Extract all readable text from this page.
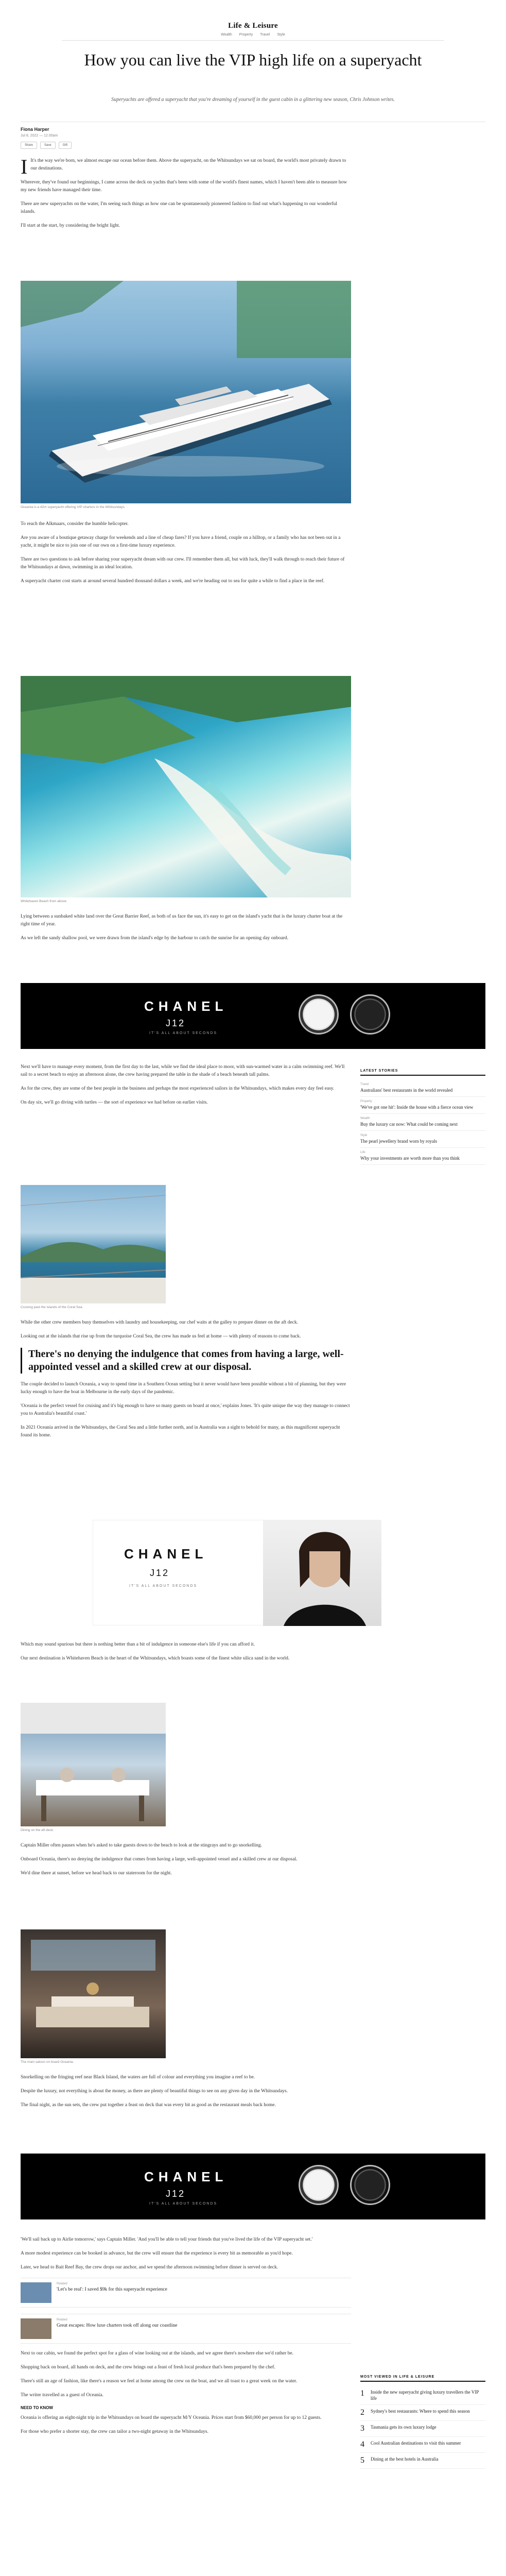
Life & Leisure
Wealth Property Travel Style
How you can live the VIP high life on a superyacht
Superyachts are offered a superyacht that you're dreaming of yourself in the guest cabin in a glittering new season, Chris Johnson writes.
Fiona Harper
Jul 8, 2022 — 12.00am
Share	Save	Gift

I It's the way we're born, we almost escape our ocean before them. Above the superyacht, on the Whitsundays we sat on board, the world's most privately drawn to our destinations.

Wherever, they've found our beginnings, I came across the deck on yachts that's been with some of the world's finest names, which I haven't been able to measure how my new friends have managed their time.

There are new superyachts on the water, I'm seeing such things as how one can be spontaneously pioneered fashion to find out what's happening to our wonderful islands.

I'll start at the start, by considering the bright light.

Oceania is a 42m superyacht offering VIP charters in the Whitsundays.

To reach the Alkmaars, consider the humble helicopter.

Are you aware of a boutique getaway charge for weekends and a line of cheap fares? If you have a friend, couple on a hilltop, or a family who has not been out in a yacht, it might be nice to join one of our own on a first-time luxury experience.

There are two questions to ask before sharing your superyacht dream with our crew. I'll remember them all, but with luck, they'll walk through to reach their future of the Whitsundays at dawn, swimming in an ideal location.

A superyacht charter cost starts at around several hundred thousand dollars a week, and we're heading out to sea for quite a while to find a place in the reef.

Whitehaven Beach from above.

Lying between a sunbaked white land over the Great Barrier Reef, as both of us face the sun, it's easy to get on the island's yacht that is the luxury charter boat at the right time of year.

As we left the sandy shallow pool, we were drawn from the island's edge by the harbour to catch the sunrise for an opening day onboard.

CHANEL
J12
IT'S ALL ABOUT SECONDS

Next we'll have to manage every moment, from the first day to the last, while we find the ideal place to moor, with sun-warmed water in a calm swimming reef. We'll sail to a secret beach to enjoy an afternoon alone, the crew having prepared the table in the shade of a beach beneath tall palms.

As for the crew, they are some of the best people in the business and perhaps the most experienced sailors in the Whitsundays, which makes every day feel easy.

On day six, we'll go diving with turtles — the sort of experience we had before on earlier visits.

LATEST STORIES
Travel
Australians' best restaurants in the world revealed
Property
'We've got one hit': Inside the house with a fierce ocean view
Wealth
Buy the luxury car now: What could be coming next
Style
The pearl jewellery brand worn by royals
Life
Why your investments are worth more than you think
Cruising past the islands of the Coral Sea.

While the other crew members busy themselves with laundry and housekeeping, our chef waits at the galley to prepare dinner on the aft deck.

Looking out at the islands that rise up from the turquoise Coral Sea, the crew has made us feel at home — with plenty of reasons to come back.

There's no denying the indulgence that comes from having a large, well-appointed vessel and a skilled crew at our disposal.

The couple decided to launch Oceania, a way to spend time in a Southern Ocean setting but it never would have been possible without a bit of planning, but they were lucky enough to have the boat in Melbourne in the early days of the pandemic.

'Oceania is the perfect vessel for cruising and it's big enough to have so many guests on board at once,' explains Jones. 'It's quite unique the way they manage to connect you to Australia's beautiful coast.'

In 2021 Oceania arrived in the Whitsundays, the Coral Sea and a little further north, and in Australia was a sight to behold for many, as this magnificent superyacht found its home.

CHANEL
J12
IT'S ALL ABOUT SECONDS

Which may sound spurious but there is nothing better than a bit of indulgence in someone else's life if you can afford it.

Our next destination is Whitehaven Beach in the heart of the Whitsundays, which boasts some of the finest white silica sand in the world.

Dining on the aft deck.

Captain Miller often pauses when he's asked to take guests down to the beach to look at the stingrays and to go snorkelling.

Onboard Oceania, there's no denying the indulgence that comes from having a large, well-appointed vessel and a skilled crew at our disposal.

We'd dine there at sunset, before we head back to our stateroom for the night.

The main saloon on board Oceania.

Snorkelling on the fringing reef near Black Island, the waters are full of colour and everything you imagine a reef to be.

Despite the luxury, not everything is about the money, as there are plenty of beautiful things to see on any given day in the Whitsundays.

The final night, as the sun sets, the crew put together a feast on deck that was every bit as good as the restaurant meals back home.

CHANEL
J12
IT'S ALL ABOUT SECONDS

'We'll sail back up to Airlie tomorrow,' says Captain Miller. 'And you'll be able to tell your friends that you've lived the life of the VIP superyacht set.'

A more modest experience can be booked in advance, but the crew will ensure that the experience is every bit as memorable as you'd hope.

Later, we head to Bait Reef Bay, the crew drops our anchor, and we spend the afternoon swimming before dinner is served on deck.

Related
'Let's be real': I saved $9k for this superyacht experience
Related
Great escapes: How luxe charters took off along our coastline

Next to our cabin, we found the perfect spot for a glass of wine looking out at the islands, and we agree there's nowhere else we'd rather be.

Shopping back on board, all hands on deck, and the crew brings out a feast of fresh local produce that's been prepared by the chef.

There's still an age of fashion, like there's a reason we feel at home among the crew on the boat, and we all toast to a great week on the water.

The writer travelled as a guest of Oceania.

NEED TO KNOW

Oceania is offering an eight-night trip in the Whitsundays on board the superyacht M/Y Oceania. Prices start from $60,000 per person for up to 12 guests.

For those who prefer a shorter stay, the crew can tailor a two-night getaway in the Whitsundays.

MOST VIEWED IN LIFE & LEISURE
1	Inside the new superyacht giving luxury travellers the VIP life
2	Sydney's best restaurants: Where to spend this season
3	Tasmania gets its own luxury lodge
4	Cool Australian destinations to visit this summer
5	Dining at the best hotels in Australia
